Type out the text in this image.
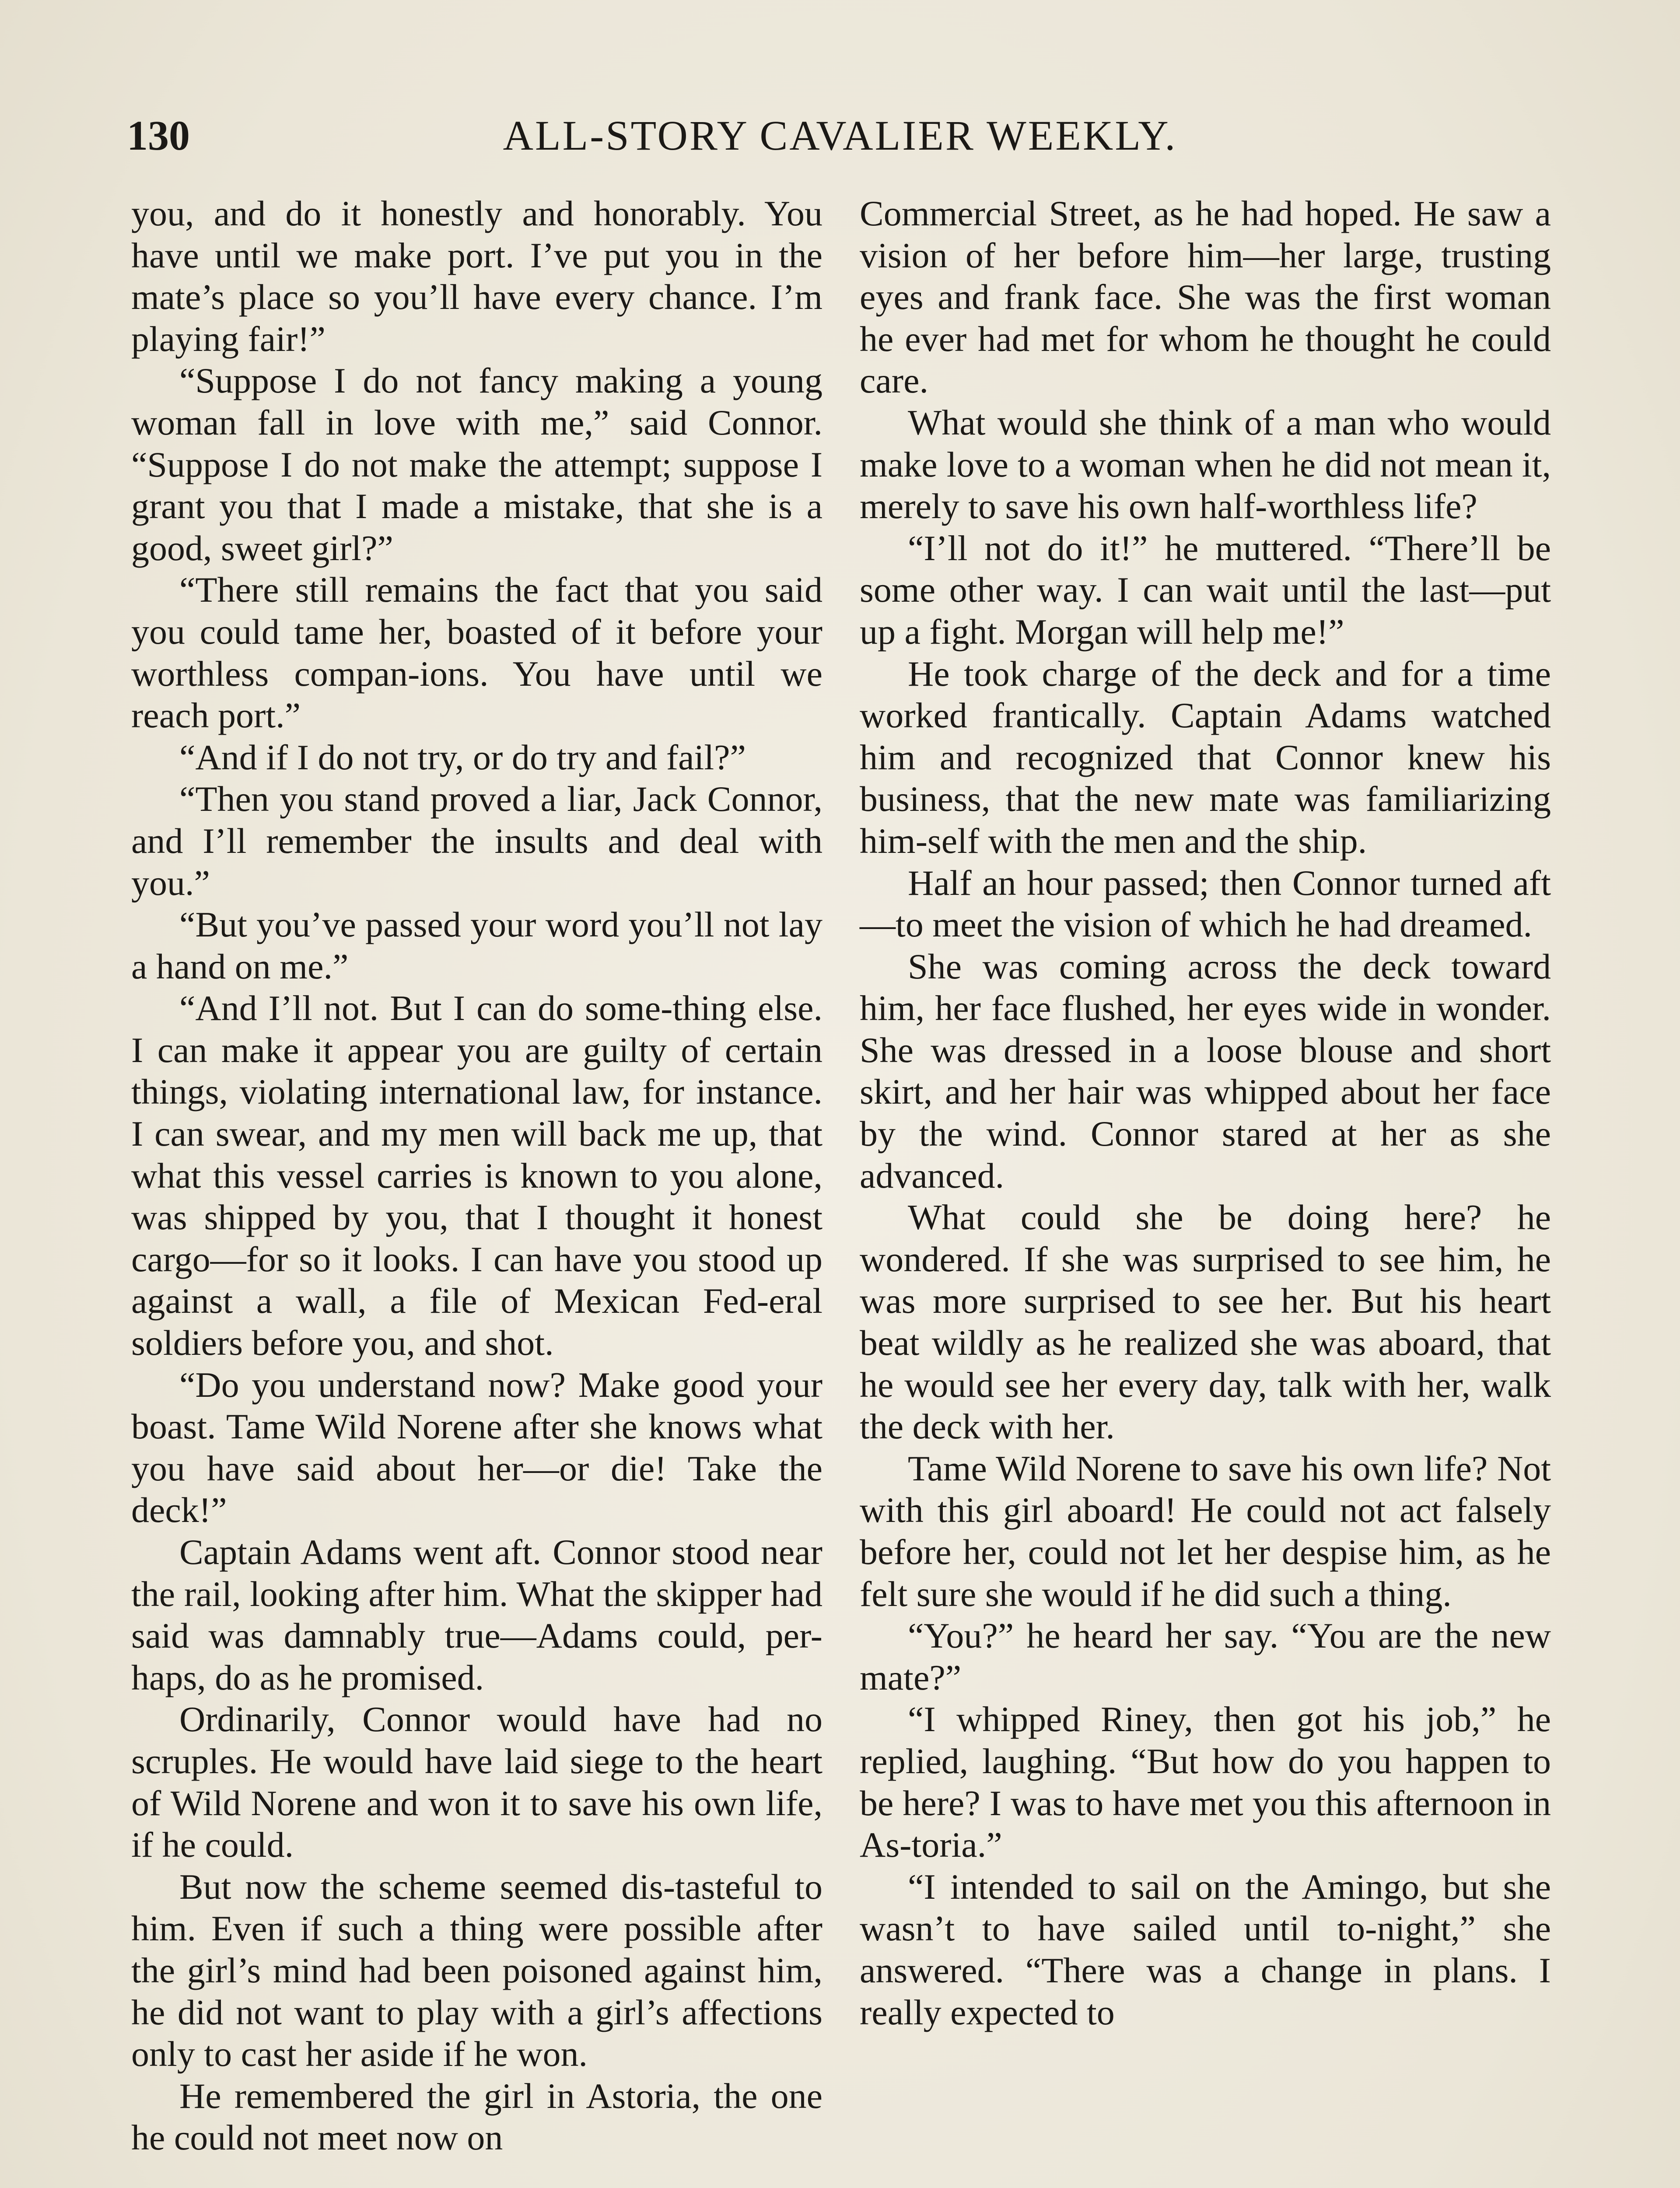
130	ALL-STORY CAVALIER WEEKLY.

you, and do it honestly and honorably. You have until we make port. I’ve put you in the mate’s place so you’ll have every chance. I’m playing fair!”

“Suppose I do not fancy making a young woman fall in love with me,” said Connor. “Suppose I do not make the attempt; suppose I grant you that I made a mistake, that she is a good, sweet girl?”

“There still remains the fact that you said you could tame her, boasted of it before your worthless compan-ions. You have until we reach port.”

“And if I do not try, or do try and fail?”

“Then you stand proved a liar, Jack Connor, and I’ll remember the insults and deal with you.”

“But you’ve passed your word you’ll not lay a hand on me.”

“And I’ll not. But I can do some-thing else. I can make it appear you are guilty of certain things, violating international law, for instance. I can swear, and my men will back me up, that what this vessel carries is known to you alone, was shipped by you, that I thought it honest cargo—for so it looks. I can have you stood up against a wall, a file of Mexican Fed-eral soldiers before you, and shot.

“Do you understand now? Make good your boast. Tame Wild Norene after she knows what you have said about her—or die! Take the deck!”

Captain Adams went aft. Connor stood near the rail, looking after him. What the skipper had said was damnably true—Adams could, per-haps, do as he promised.

Ordinarily, Connor would have had no scruples. He would have laid siege to the heart of Wild Norene and won it to save his own life, if he could.

But now the scheme seemed dis-tasteful to him. Even if such a thing were possible after the girl’s mind had been poisoned against him, he did not want to play with a girl’s affections only to cast her aside if he won.

He remembered the girl in Astoria, the one he could not meet now on

Commercial Street, as he had hoped. He saw a vision of her before him—her large, trusting eyes and frank face. She was the first woman he ever had met for whom he thought he could care.

What would she think of a man who would make love to a woman when he did not mean it, merely to save his own half-worthless life?

“I’ll not do it!” he muttered. “There’ll be some other way. I can wait until the last—put up a fight. Morgan will help me!”

He took charge of the deck and for a time worked frantically. Captain Adams watched him and recognized that Connor knew his business, that the new mate was familiarizing him-self with the men and the ship.

Half an hour passed; then Connor turned aft—to meet the vision of which he had dreamed.

She was coming across the deck toward him, her face flushed, her eyes wide in wonder. She was dressed in a loose blouse and short skirt, and her hair was whipped about her face by the wind. Connor stared at her as she advanced.

What could she be doing here? he wondered. If she was surprised to see him, he was more surprised to see her. But his heart beat wildly as he realized she was aboard, that he would see her every day, talk with her, walk the deck with her.

Tame Wild Norene to save his own life? Not with this girl aboard! He could not act falsely before her, could not let her despise him, as he felt sure she would if he did such a thing.

“You?” he heard her say. “You are the new mate?”

“I whipped Riney, then got his job,” he replied, laughing. “But how do you happen to be here? I was to have met you this afternoon in As-toria.”

“I intended to sail on the Amingo, but she wasn’t to have sailed until to-night,” she answered. “There was a change in plans. I really expected to
